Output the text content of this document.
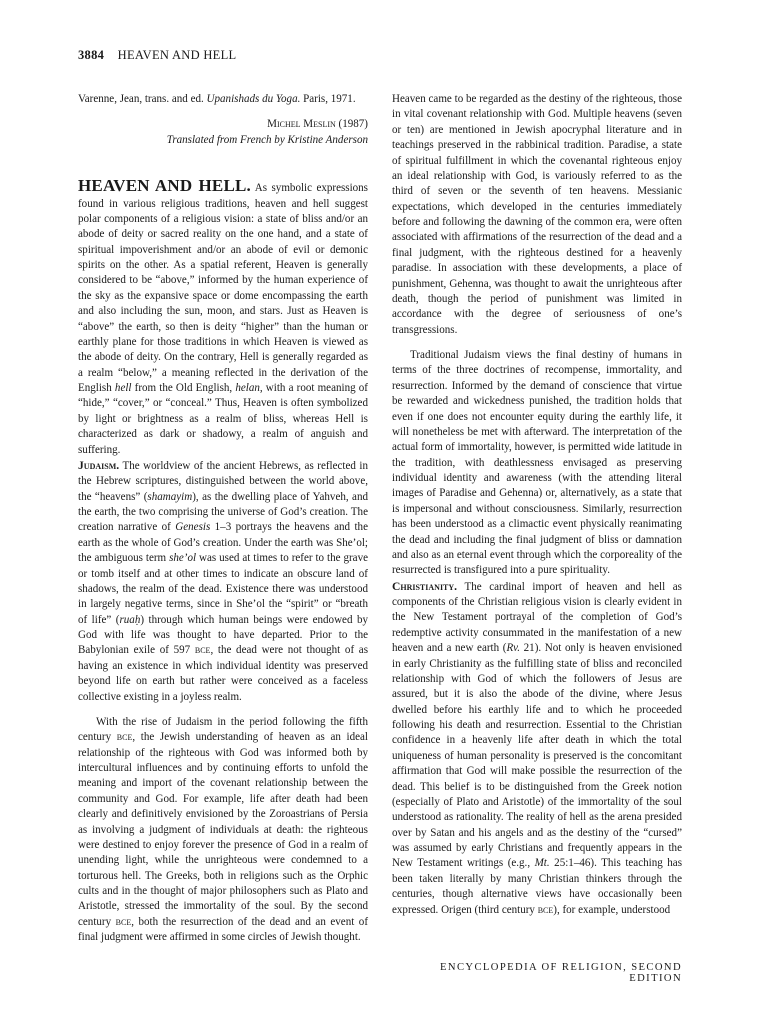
3884 HEAVEN AND HELL

Varenne, Jean, trans. and ed. Upanishads du Yoga. Paris, 1971.

Michel Meslin (1987)

Translated from French by Kristine Anderson

HEAVEN AND HELL. As symbolic expressions found in various religious traditions, heaven and hell suggest polar components of a religious vision: a state of bliss and/or an abode of deity or sacred reality on the one hand, and a state of spiritual impoverishment and/or an abode of evil or demonic spirits on the other. As a spatial referent, Heaven is generally considered to be “above,” informed by the human experience of the sky as the expansive space or dome encompassing the earth and also including the sun, moon, and stars. Just as Heaven is “above” the earth, so then is deity “higher” than the human or earthly plane for those traditions in which Heaven is viewed as the abode of deity. On the contrary, Hell is generally regarded as a realm “below,” a meaning reflected in the derivation of the English hell from the Old English, helan, with a root meaning of “hide,” “cover,” or “conceal.” Thus, Heaven is often symbolized by light or brightness as a realm of bliss, whereas Hell is characterized as dark or shadowy, a realm of anguish and suffering.

Judaism. The worldview of the ancient Hebrews, as reflected in the Hebrew scriptures, distinguished between the world above, the “heavens” (shamayim), as the dwelling place of Yahveh, and the earth, the two comprising the universe of God’s creation. The creation narrative of Genesis 1–3 portrays the heavens and the earth as the whole of God’s creation. Under the earth was She’ol; the ambiguous term she’ol was used at times to refer to the grave or tomb itself and at other times to indicate an obscure land of shadows, the realm of the dead. Existence there was understood in largely negative terms, since in She’ol the “spirit” or “breath of life” (ruaḥ) through which human beings were endowed by God with life was thought to have departed. Prior to the Babylonian exile of 597 bce, the dead were not thought of as having an existence in which individual identity was preserved beyond life on earth but rather were conceived as a faceless collective existing in a joyless realm.

With the rise of Judaism in the period following the fifth century bce, the Jewish understanding of heaven as an ideal relationship of the righteous with God was informed both by intercultural influences and by continuing efforts to unfold the meaning and import of the covenant relationship between the community and God. For example, life after death had been clearly and definitively envisioned by the Zoroastrians of Persia as involving a judgment of individuals at death: the righteous were destined to enjoy forever the presence of God in a realm of unending light, while the unrighteous were condemned to a torturous hell. The Greeks, both in religions such as the Orphic cults and in the thought of major philosophers such as Plato and Aristotle, stressed the immortality of the soul. By the second century bce, both the resurrection of the dead and an event of final judgment were affirmed in some circles of Jewish thought.

ENCYCLOPEDIA OF RELIGION, SECOND EDITION

Heaven came to be regarded as the destiny of the righteous, those in vital covenant relationship with God. Multiple heavens (seven or ten) are mentioned in Jewish apocryphal literature and in teachings preserved in the rabbinical tradition. Paradise, a state of spiritual fulfillment in which the covenantal righteous enjoy an ideal relationship with God, is variously referred to as the third of seven or the seventh of ten heavens. Messianic expectations, which developed in the centuries immediately before and following the dawning of the common era, were often associated with affirmations of the resurrection of the dead and a final judgment, with the righteous destined for a heavenly paradise. In association with these developments, a place of punishment, Gehenna, was thought to await the unrighteous after death, though the period of punishment was limited in accordance with the degree of seriousness of one’s transgressions.

Traditional Judaism views the final destiny of humans in terms of the three doctrines of recompense, immortality, and resurrection. Informed by the demand of conscience that virtue be rewarded and wickedness punished, the tradition holds that even if one does not encounter equity during the earthly life, it will nonetheless be met with afterward. The interpretation of the actual form of immortality, however, is permitted wide latitude in the tradition, with deathlessness envisaged as preserving individual identity and awareness (with the attending literal images of Paradise and Gehenna) or, alternatively, as a state that is impersonal and without consciousness. Similarly, resurrection has been understood as a climactic event physically reanimating the dead and including the final judgment of bliss or damnation and also as an eternal event through which the corporeality of the resurrected is transfigured into a pure spirituality.

Christianity. The cardinal import of heaven and hell as components of the Christian religious vision is clearly evident in the New Testament portrayal of the completion of God’s redemptive activity consummated in the manifestation of a new heaven and a new earth (Rv. 21). Not only is heaven envisioned in early Christianity as the fulfilling state of bliss and reconciled relationship with God of which the followers of Jesus are assured, but it is also the abode of the divine, where Jesus dwelled before his earthly life and to which he proceeded following his death and resurrection. Essential to the Christian confidence in a heavenly life after death in which the total uniqueness of human personality is preserved is the concomitant affirmation that God will make possible the resurrection of the dead. This belief is to be distinguished from the Greek notion (especially of Plato and Aristotle) of the immortality of the soul understood as rationality. The reality of hell as the arena presided over by Satan and his angels and as the destiny of the “cursed” was assumed by early Christians and frequently appears in the New Testament writings (e.g., Mt. 25:1–46). This teaching has been taken literally by many Christian thinkers through the centuries, though alternative views have occasionally been expressed. Origen (third century bce), for example, understood
